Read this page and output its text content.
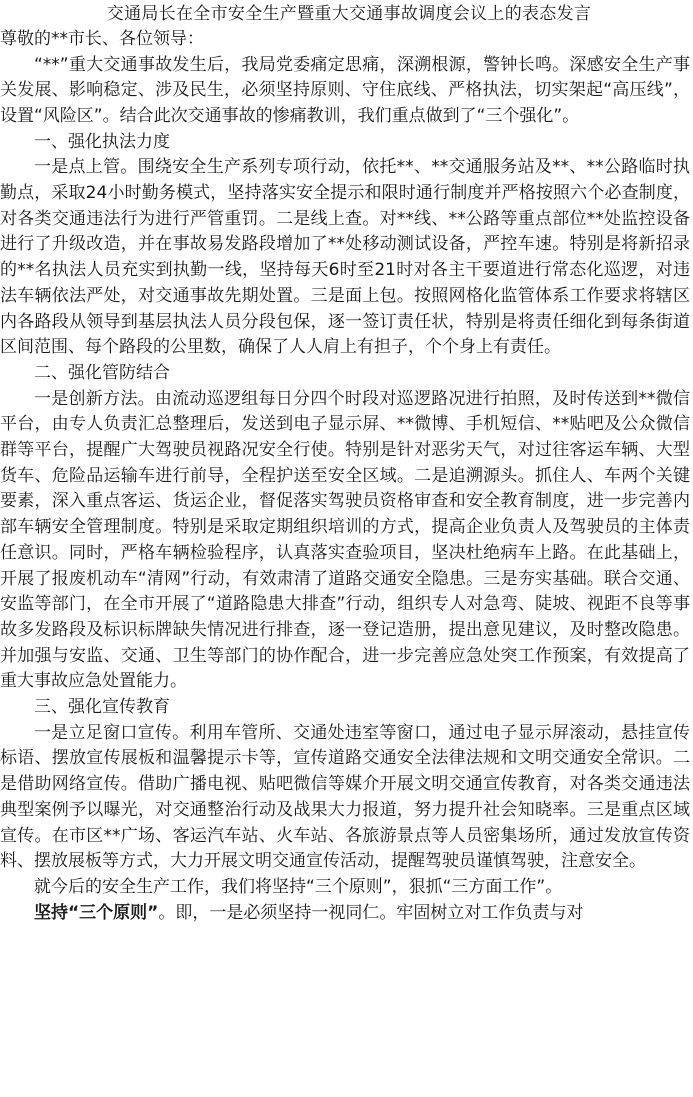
交通局长在全市安全生产暨重大交通事故调度会议上的表态发言

尊敬的**市长、各位领导：

“**”重大交通事故发生后，我局党委痛定思痛，深溯根源，警钟长鸣。深感安全生产事关发展、影响稳定、涉及民生，必须坚持原则、守住底线、严格执法，切实架起“高压线”，设置“风险区”。结合此次交通事故的惨痛教训，我们重点做到了“三个强化”。

一、强化执法力度

一是点上管。围绕安全生产系列专项行动，依托**、**交通服务站及**、**公路临时执勤点，采取24小时勤务模式，坚持落实安全提示和限时通行制度并严格按照六个必查制度，对各类交通违法行为进行严管重罚。二是线上查。对**线、**公路等重点部位**处监控设备进行了升级改造，并在事故易发路段增加了**处移动测试设备，严控车速。特别是将新招录的**名执法人员充实到执勤一线，坚持每天6时至21时对各主干要道进行常态化巡逻，对违法车辆依法严处，对交通事故先期处置。三是面上包。按照网格化监管体系工作要求将辖区内各路段从领导到基层执法人员分段包保，逐一签订责任状，特别是将责任细化到每条街道区间范围、每个路段的公里数，确保了人人肩上有担子，个个身上有责任。

二、强化管防结合

一是创新方法。由流动巡逻组每日分四个时段对巡逻路况进行拍照，及时传送到**微信平台，由专人负责汇总整理后，发送到电子显示屏、**微博、手机短信、**贴吧及公众微信群等平台，提醒广大驾驶员视路况安全行使。特别是针对恶劣天气，对过往客运车辆、大型货车、危险品运输车进行前导，全程护送至安全区域。二是追溯源头。抓住人、车两个关键要素，深入重点客运、货运企业，督促落实驾驶员资格审查和安全教育制度，进一步完善内部车辆安全管理制度。特别是采取定期组织培训的方式，提高企业负责人及驾驶员的主体责任意识。同时，严格车辆检验程序，认真落实查验项目，坚决杜绝病车上路。在此基础上，开展了报废机动车“清网”行动，有效肃清了道路交通安全隐患。三是夯实基础。联合交通、安监等部门，在全市开展了“道路隐患大排查”行动，组织专人对急弯、陡坡、视距不良等事故多发路段及标识标牌缺失情况进行排查，逐一登记造册，提出意见建议，及时整改隐患。并加强与安监、交通、卫生等部门的协作配合，进一步完善应急处突工作预案，有效提高了重大事故应急处置能力。

三、强化宣传教育

一是立足窗口宣传。利用车管所、交通处违室等窗口，通过电子显示屏滚动，悬挂宣传标语、摆放宣传展板和温馨提示卡等，宣传道路交通安全法律法规和文明交通安全常识。二是借助网络宣传。借助广播电视、贴吧微信等媒介开展文明交通宣传教育，对各类交通违法典型案例予以曝光，对交通整治行动及战果大力报道，努力提升社会知晓率。三是重点区域宣传。在市区**广场、客运汽车站、火车站、各旅游景点等人员密集场所，通过发放宣传资料、摆放展板等方式，大力开展文明交通宣传活动，提醒驾驶员谨慎驾驶，注意安全。

就今后的安全生产工作，我们将坚持“三个原则”，狠抓“三方面工作”。

坚持“三个原则”。即，一是必须坚持一视同仁。牢固树立对工作负责与对
